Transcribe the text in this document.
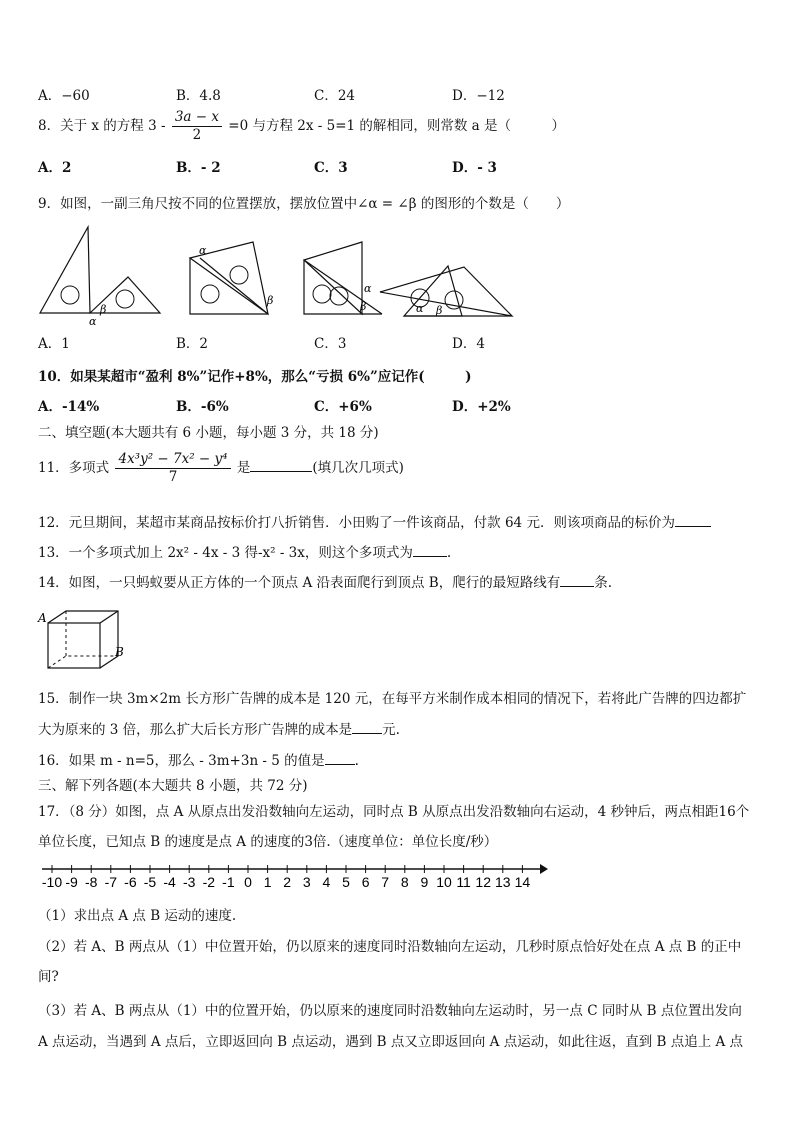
A．−60	B．4.8	C．24	D．−12
8．关于 x 的方程 $3 - \frac{3a - x}{2} =0$ 与方程 2x - 5=1 的解相同，则常数 a 是（　　　）
A．2	B．- 2	C．3	D．- 3
9．如图，一副三角尺按不同的位置摆放，摆放位置中∠α = ∠β 的图形的个数是（　　）
α
β
α
β
α
β	α β
A．1	B．2	C．3	D．4
10．如果某超市“盈利 8%”记作+8%，那么“亏损 6%”应记作(　　　)
A．-14%	B．-6%	C．+6%	D．+2%
二、填空题(本大题共有 6 小题，每小题 3 分，共 18 分)
11．多项式 $\frac{\text{4x³y² − 7x² − y⁴}}{7}$ 是	(填几次几项式)
12．元旦期间，某超市某商品按标价打八折销售．小田购了一件该商品，付款 64 元．则该项商品的标价为
13．一个多项式加上 2x² - 4x - 3 得-x² - 3x，则这个多项式为	.
14．如图，一只蚂蚁要从正方体的一个顶点 A 沿表面爬行到顶点 B，爬行的最短路线有	条.
A
B
15．制作一块 3m×2m 长方形广告牌的成本是 120 元，在每平方米制作成本相同的情况下，若将此广告牌的四边都扩
大为原来的 3 倍，那么扩大后长方形广告牌的成本是 元.
16．如果 m - n=5，那么 - 3m+3n - 5 的值是 .
三、解下列各题(本大题共 8 小题，共 72 分)
17．（8 分）如图，点 A 从原点出发沿数轴向左运动，同时点 B 从原点出发沿数轴向右运动，4 秒钟后，两点相距16个
单位长度，已知点 B 的速度是点 A 的速度的3倍.（速度单位：单位长度/秒）
-10 -9 -8 -7 -6 -5 -4 -3 -2 -1 0 1 2 3 4 5 6 7 8 9 10 11 12 13 14
（1）求出点 A 点 B 运动的速度.
（2）若 A、B 两点从（1）中位置开始，仍以原来的速度同时沿数轴向左运动，几秒时原点恰好处在点 A 点 B 的正中
间?
（3）若 A、B 两点从（1）中的位置开始，仍以原来的速度同时沿数轴向左运动时，另一点 C 同时从 B 点位置出发向
A 点运动，当遇到 A 点后，立即返回向 B 点运动，遇到 B 点又立即返回向 A 点运动，如此往返，直到 B 点追上 A 点
